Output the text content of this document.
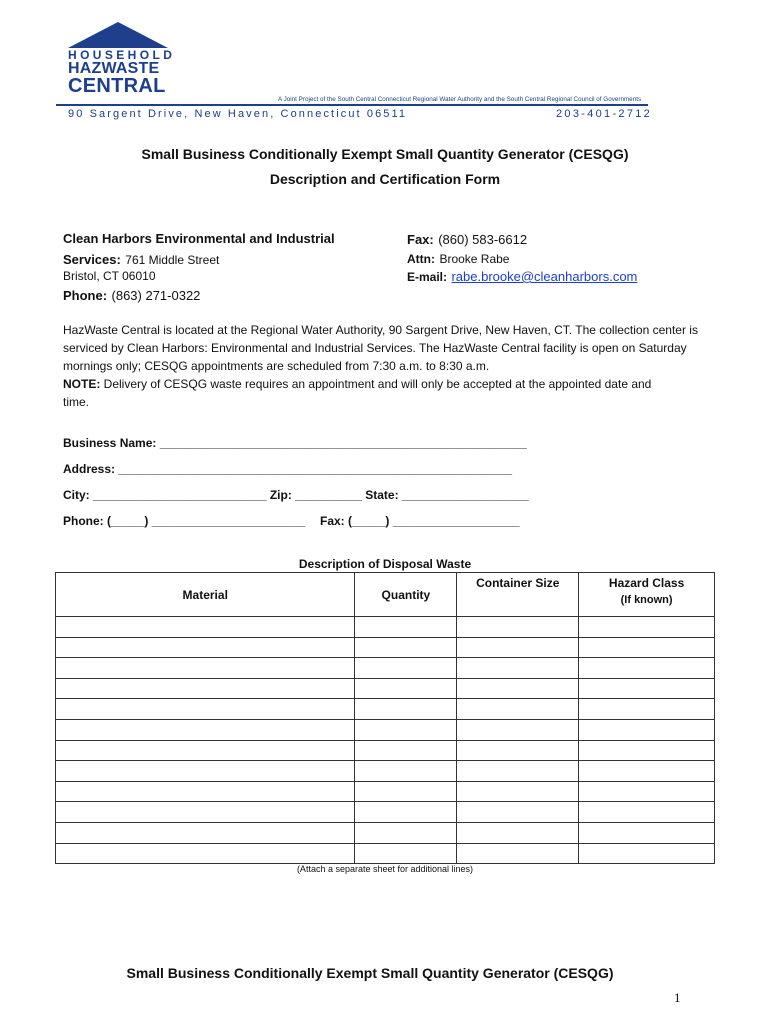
HOUSEHOLD
HAZWASTE
CENTRAL
A Joint Project of the South Central Connecticut Regional Water Authority and the South Central Regional Council of Governments
90 Sargent Drive, New Haven, Connecticut 06511	203-401-2712
Small Business Conditionally Exempt Small Quantity Generator (CESQG)
Description and Certification Form
Clean Harbors Environmental and Industrial
Services: 761 Middle Street
Bristol, CT 06010
Phone: (863) 271-0322
Fax: (860) 583-6612
Attn: Brooke Rabe
E-mail: rabe.brooke@cleanharbors.com

HazWaste Central is located at the Regional Water Authority, 90 Sargent Drive, New Haven, CT. The collection center is

serviced by Clean Harbors: Environmental and Industrial Services. The HazWaste Central facility is open on Saturday

mornings only; CESQG appointments are scheduled from 7:30 a.m. to 8:30 a.m.

NOTE: Delivery of CESQG waste requires an appointment and will only be accepted at the appointed date and

time.

Business Name: _______________________________________________________
Address: ___________________________________________________________
City: __________________________ Zip: __________ State: ___________________
Phone: (_____) _______________________ Fax: (_____) ___________________
Description of Disposal Waste
Material	Quantity	Container Size	Hazard Class
(If known)

(Attach a separate sheet for additional lines)
Small Business Conditionally Exempt Small Quantity Generator (CESQG)
1
